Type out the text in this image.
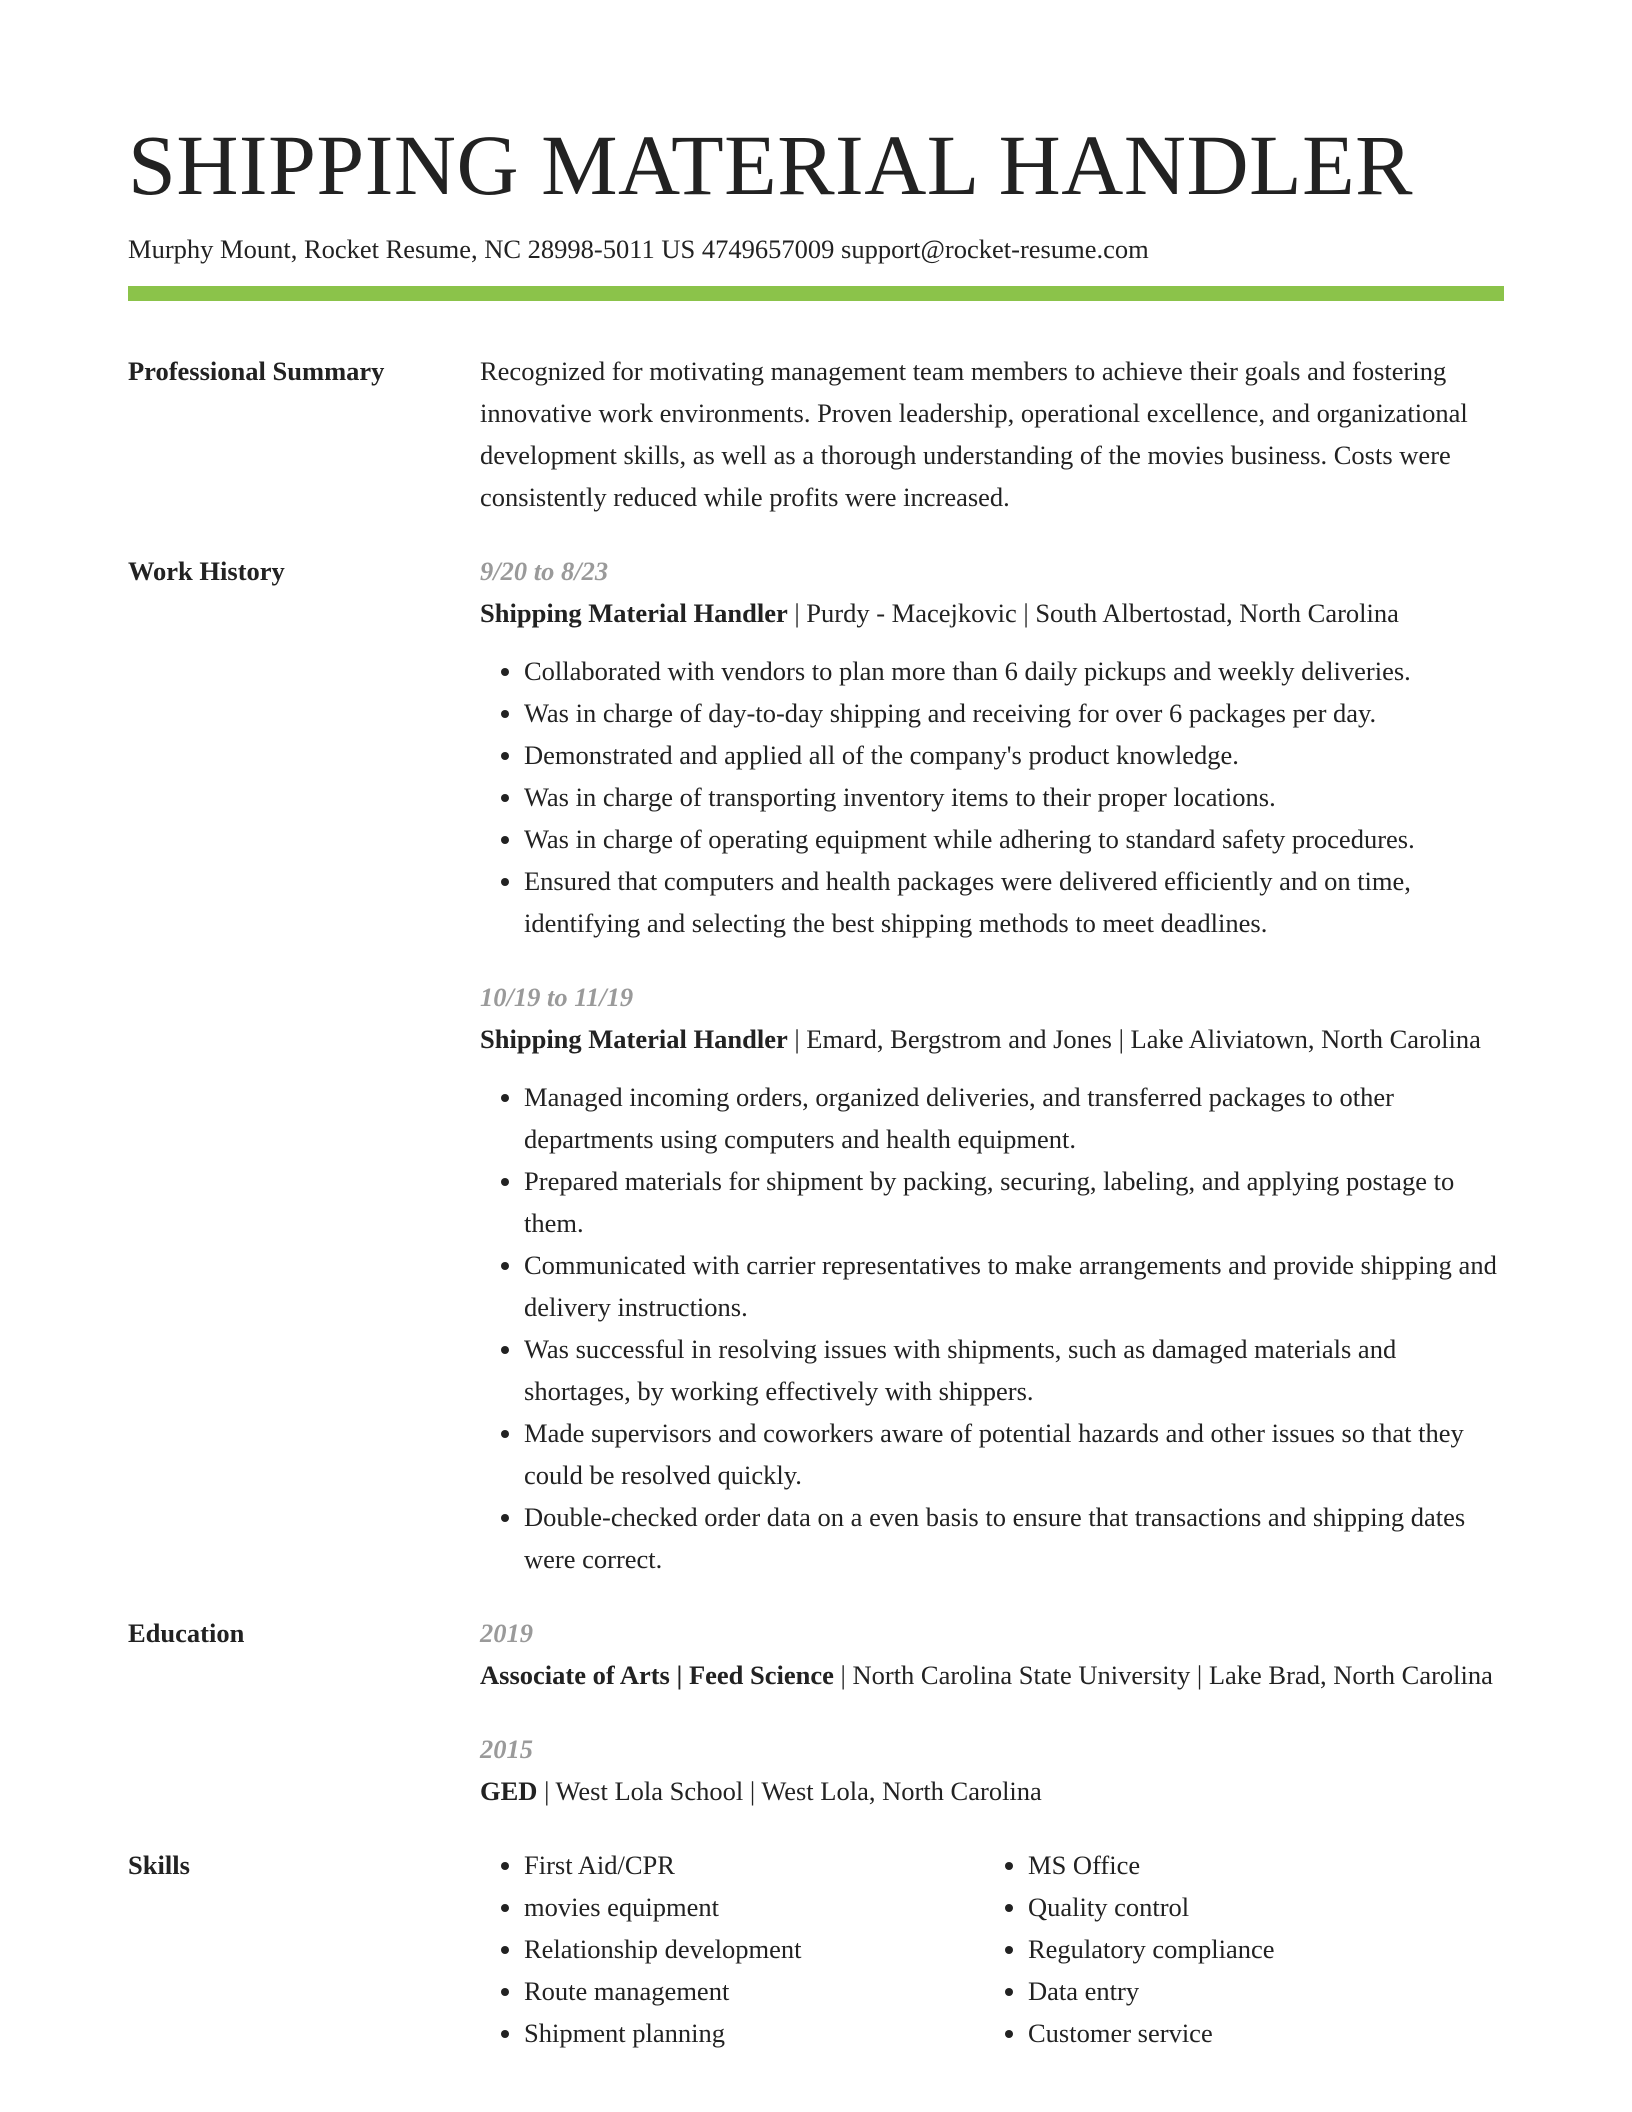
SHIPPING MATERIAL HANDLER
Murphy Mount, Rocket Resume, NC 28998-5011 US 4749657009 support@rocket-resume.com
Professional Summary	Recognized for motivating management team members to achieve their goals and fostering innovative work environments. Proven leadership, operational excellence, and organizational development skills, as well as a thorough understanding of the movies business. Costs were consistently reduced while profits were increased.

Work History	9/20 to 8/23
Shipping Material Handler | Purdy - Macejkovic | South Albertostad, North Carolina
• Collaborated with vendors to plan more than 6 daily pickups and weekly deliveries.
• Was in charge of day-to-day shipping and receiving for over 6 packages per day.
• Demonstrated and applied all of the company's product knowledge.
• Was in charge of transporting inventory items to their proper locations.
• Was in charge of operating equipment while adhering to standard safety procedures.
• Ensured that computers and health packages were delivered efficiently and on time, identifying and selecting the best shipping methods to meet deadlines.
10/19 to 11/19
Shipping Material Handler | Emard, Bergstrom and Jones | Lake Aliviatown, North Carolina
• Managed incoming orders, organized deliveries, and transferred packages to other departments using computers and health equipment.
• Prepared materials for shipment by packing, securing, labeling, and applying postage to them.
• Communicated with carrier representatives to make arrangements and provide shipping and delivery instructions.
• Was successful in resolving issues with shipments, such as damaged materials and shortages, by working effectively with shippers.
• Made supervisors and coworkers aware of potential hazards and other issues so that they could be resolved quickly.
• Double-checked order data on a even basis to ensure that transactions and shipping dates were correct.
Education	2019
Associate of Arts | Feed Science | North Carolina State University | Lake Brad, North Carolina
2015
GED | West Lola School | West Lola, North Carolina
Skills
•	First Aid/CPR
• movies equipment
• Relationship development
• Route management
• Shipment planning
• MS Office
• Quality control
• Regulatory compliance
• Data entry
• Customer service
